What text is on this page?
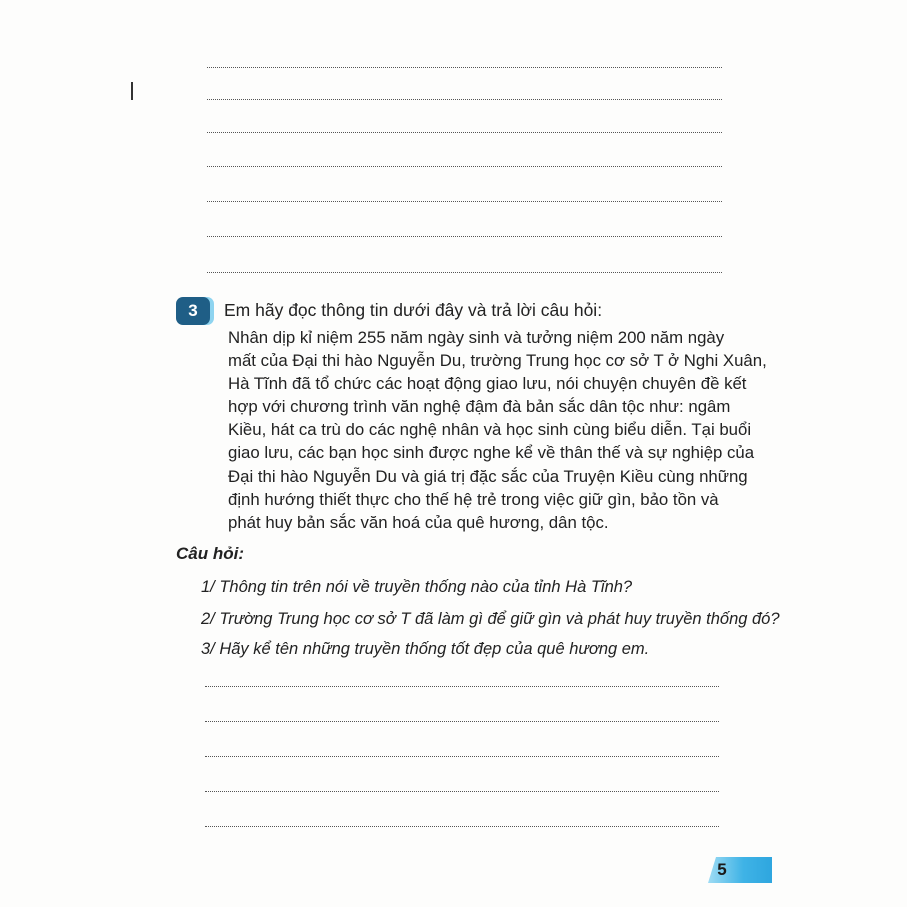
3	Em hãy đọc thông tin dưới đây và trả lời câu hỏi:
Nhân dịp kỉ niệm 255 năm ngày sinh và tưởng niệm 200 năm ngày
mất của Đại thi hào Nguyễn Du, trường Trung học cơ sở T ở Nghi Xuân,
Hà Tĩnh đã tổ chức các hoạt động giao lưu, nói chuyện chuyên đề kết
hợp với chương trình văn nghệ đậm đà bản sắc dân tộc như: ngâm
Kiều, hát ca trù do các nghệ nhân và học sinh cùng biểu diễn. Tại buổi
giao lưu, các bạn học sinh được nghe kể về thân thế và sự nghiệp của
Đại thi hào Nguyễn Du và giá trị đặc sắc của Truyện Kiều cùng những
định hướng thiết thực cho thế hệ trẻ trong việc giữ gìn, bảo tồn và
phát huy bản sắc văn hoá của quê hương, dân tộc.
Câu hỏi:
1/ Thông tin trên nói về truyền thống nào của tỉnh Hà Tĩnh?
2/ Trường Trung học cơ sở T đã làm gì để giữ gìn và phát huy truyền thống đó?
3/ Hãy kể tên những truyền thống tốt đẹp của quê hương em.
5
